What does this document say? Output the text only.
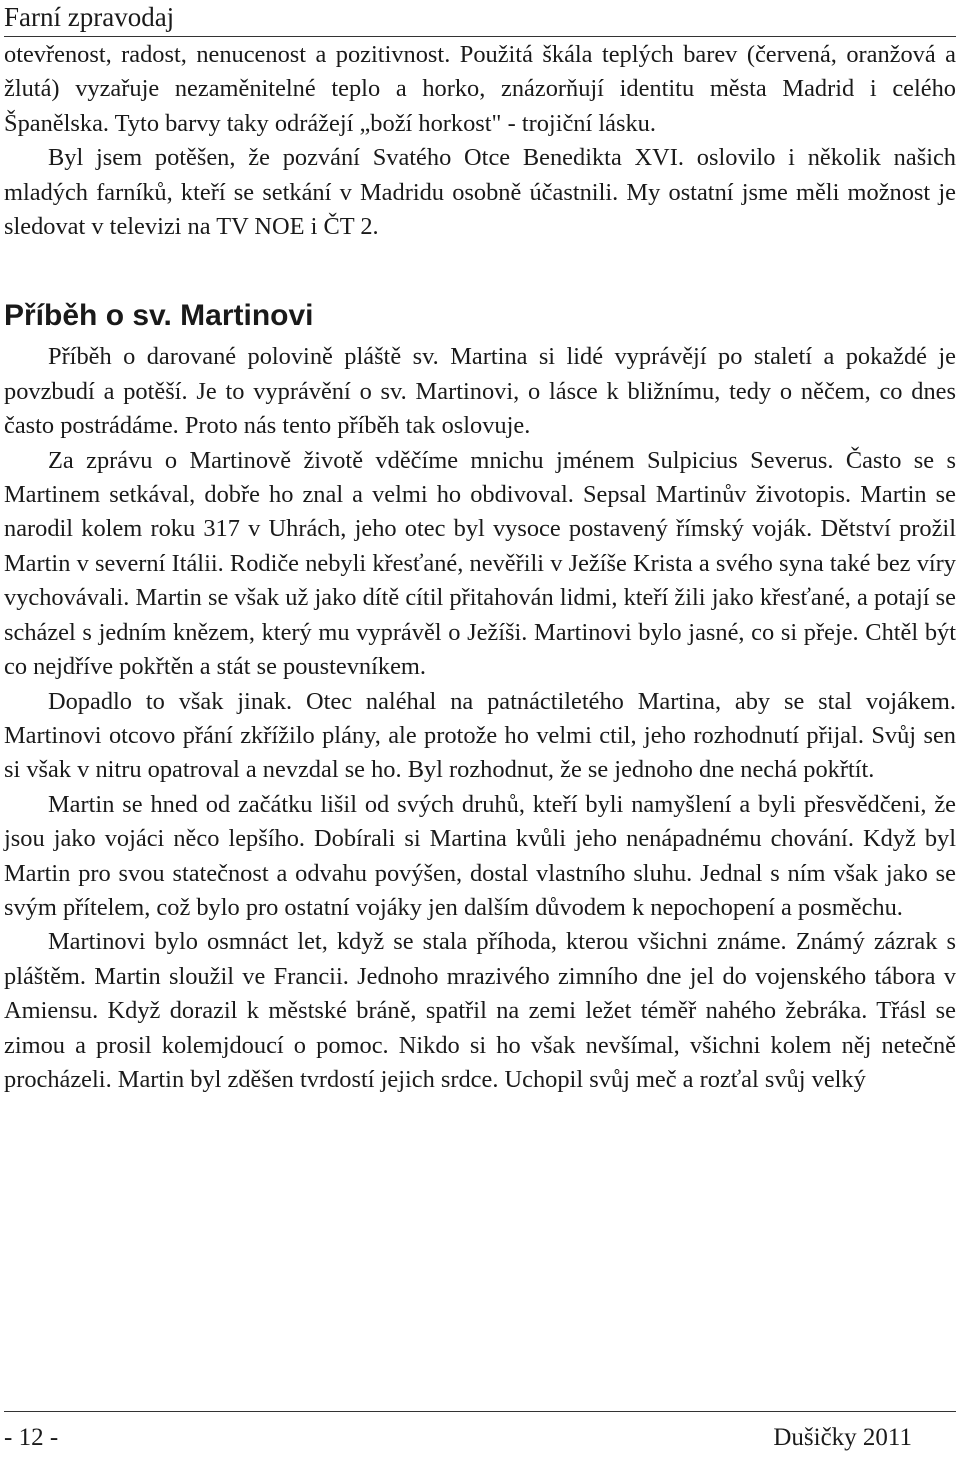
Farní zpravodaj

otevřenost, radost, nenucenost a pozitivnost. Použitá škála teplých barev (červená, oranžová a žlutá) vyzařuje nezaměnitelné teplo a horko, znázorňují identitu města Madrid i celého Španělska. Tyto barvy taky odrážejí „boží horkost" - trojiční lásku.

Byl jsem potěšen, že pozvání Svatého Otce Benedikta XVI. oslovilo i několik našich mladých farníků, kteří se setkání v Madridu osobně účastnili. My ostatní jsme měli možnost je sledovat v televizi na TV NOE i ČT 2.

Příběh o sv. Martinovi

Příběh o darované polovině pláště sv. Martina si lidé vyprávějí po staletí a pokaždé je povzbudí a potěší. Je to vyprávění o sv. Martinovi, o lásce k bližnímu, tedy o něčem, co dnes často postrádáme. Proto nás tento příběh tak oslovuje.

Za zprávu o Martinově životě vděčíme mnichu jménem Sulpicius Severus. Často se s Martinem setkával, dobře ho znal a velmi ho obdivoval. Sepsal Martinův životopis. Martin se narodil kolem roku 317 v Uhrách, jeho otec byl vysoce postavený římský voják. Dětství prožil Martin v severní Itálii. Rodiče nebyli křesťané, nevěřili v Ježíše Krista a svého syna také bez víry vychovávali. Martin se však už jako dítě cítil přitahován lidmi, kteří žili jako křesťané, a potají se scházel s jedním knězem, který mu vyprávěl o Ježíši. Martinovi bylo jasné, co si přeje. Chtěl být co nejdříve pokřtěn a stát se poustevníkem.

Dopadlo to však jinak. Otec naléhal na patnáctiletého Martina, aby se stal vojákem. Martinovi otcovo přání zkřížilo plány, ale protože ho velmi ctil, jeho rozhodnutí přijal. Svůj sen si však v nitru opatroval a nevzdal se ho. Byl rozhodnut, že se jednoho dne nechá pokřtít.

Martin se hned od začátku lišil od svých druhů, kteří byli namyšlení a byli přesvědčeni, že jsou jako vojáci něco lepšího. Dobírali si Martina kvůli jeho nenápadnému chování. Když byl Martin pro svou statečnost a odvahu povýšen, dostal vlastního sluhu. Jednal s ním však jako se svým přítelem, což bylo pro ostatní vojáky jen dalším důvodem k nepochopení a posměchu.

Martinovi bylo osmnáct let, když se stala příhoda, kterou všichni známe. Známý zázrak s pláštěm. Martin sloužil ve Francii. Jednoho mrazivého zimního dne jel do vojenského tábora v Amiensu. Když dorazil k městské bráně, spatřil na zemi ležet téměř nahého žebráka. Třásl se zimou a prosil kolemjdoucí o pomoc. Nikdo si ho však nevšímal, všichni kolem něj netečně procházeli. Martin byl zděšen tvrdostí jejich srdce. Uchopil svůj meč a rozťal svůj velký

- 12 -	Dušičky 2011
